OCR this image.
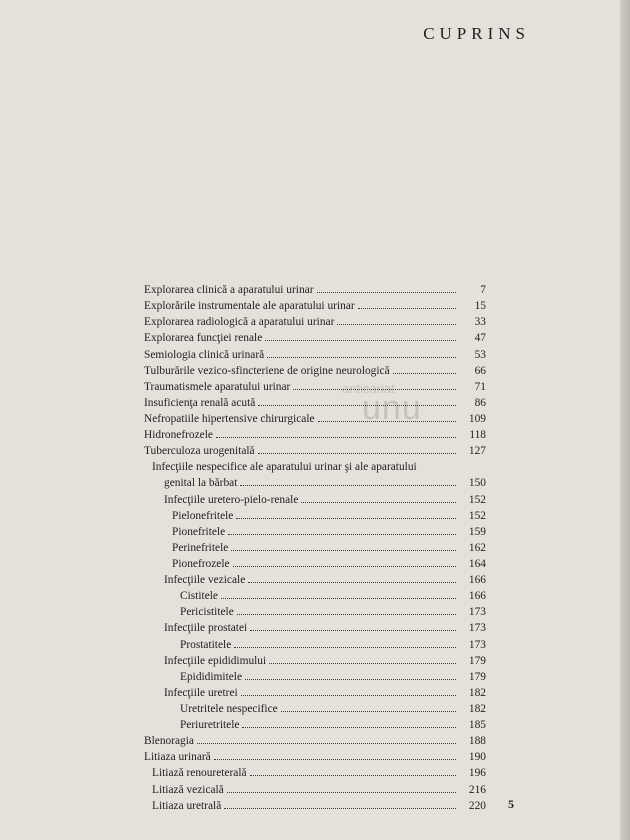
CUPRINS
anticariat
unu
Explorarea clinică a aparatului urinar	7
Explorările instrumentale ale aparatului urinar	15
Explorarea radiologică a aparatului urinar	33
Explorarea funcţiei renale	47
Semiologia clinică urinară	53
Tulburările vezico-sfincteriene de origine neurologică	66
Traumatismele aparatului urinar	71
Insuficienţa renală acută	86
Nefropatiile hipertensive chirurgicale	109
Hidronefrozele	118
Tuberculoza urogenitală	127
Infecţiile nespecifice ale aparatului urinar şi ale aparatului
genital la bărbat	150
Infecţiile uretero-pielo-renale	152
Pielonefritele	152
Pionefritele	159
Perinefritele	162
Pionefrozele	164
Infecţiile vezicale	166
Cistitele	166
Pericistitele	173
Infecţiile prostatei	173
Prostatitele	173
Infecţiile epididimului	179
Epididimitele	179
Infecţiile uretrei	182
Uretritele nespecifice	182
Periuretritele	185
Blenoragia	188
Litiaza urinară	190
Litiază renoureterală	196
Litiază vezicală	216
Litiaza uretrală	220 5
